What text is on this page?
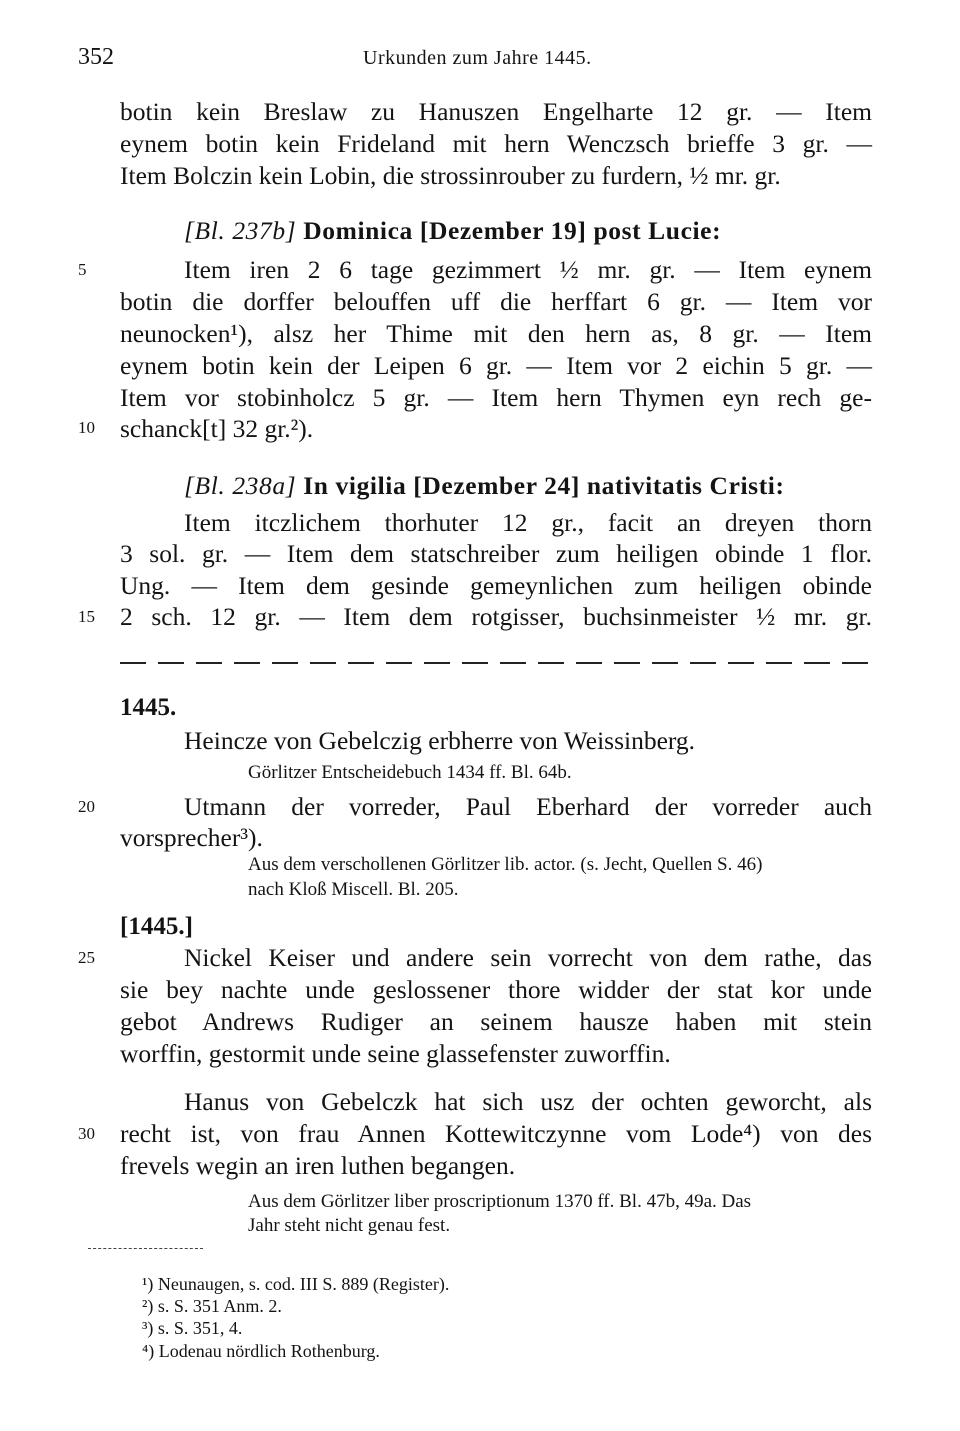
352	Urkunden zum Jahre 1445.
5
10
15
20
25
30
botin kein Breslaw zu Hanuszen Engelharte 12 gr. — Item
eynem botin kein Frideland mit hern Wenczsch brieffe 3 gr. —
Item Bolczin kein Lobin, die strossinrouber zu furdern, ½ mr. gr.
[Bl. 237b] Dominica [Dezember 19] post Lucie:
Item iren 2 6 tage gezimmert ½ mr. gr. — Item eynem
botin die dorffer belouffen uff die herffart 6 gr. — Item vor
neunocken¹), alsz her Thime mit den hern as, 8 gr. — Item
eynem botin kein der Leipen 6 gr. — Item vor 2 eichin 5 gr. —
Item vor stobinholcz 5 gr. — Item hern Thymen eyn rech ge-
schanck[t] 32 gr.²).
[Bl. 238a] In vigilia [Dezember 24] nativitatis Cristi:
Item itczlichem thorhuter 12 gr., facit an dreyen thorn
3 sol. gr. — Item dem statschreiber zum heiligen obinde 1 flor.
Ung. — Item dem gesinde gemeynlichen zum heiligen obinde
2 sch. 12 gr. — Item dem rotgisser, buchsinmeister ½ mr. gr.
1445.
Heincze von Gebelczig erbherre von Weissinberg.
Görlitzer Entscheidebuch 1434 ff. Bl. 64b.
Utmann der vorreder, Paul Eberhard der vorreder auch
vorsprecher³).
Aus dem verschollenen Görlitzer lib. actor. (s. Jecht, Quellen S. 46)
nach Kloß Miscell. Bl. 205.
[1445.]
Nickel Keiser und andere sein vorrecht von dem rathe, das
sie bey nachte unde geslossener thore widder der stat kor unde
gebot Andrews Rudiger an seinem hausze haben mit stein
worffin, gestormit unde seine glassefenster zuworffin.
Hanus von Gebelczk hat sich usz der ochten geworcht, als
recht ist, von frau Annen Kottewitczynne vom Lode⁴) von des
frevels wegin an iren luthen begangen.
Aus dem Görlitzer liber proscriptionum 1370 ff. Bl. 47b, 49a. Das
Jahr steht nicht genau fest.
¹) Neunaugen, s. cod. III S. 889 (Register).
²) s. S. 351 Anm. 2.
³) s. S. 351, 4.
⁴) Lodenau nördlich Rothenburg.
